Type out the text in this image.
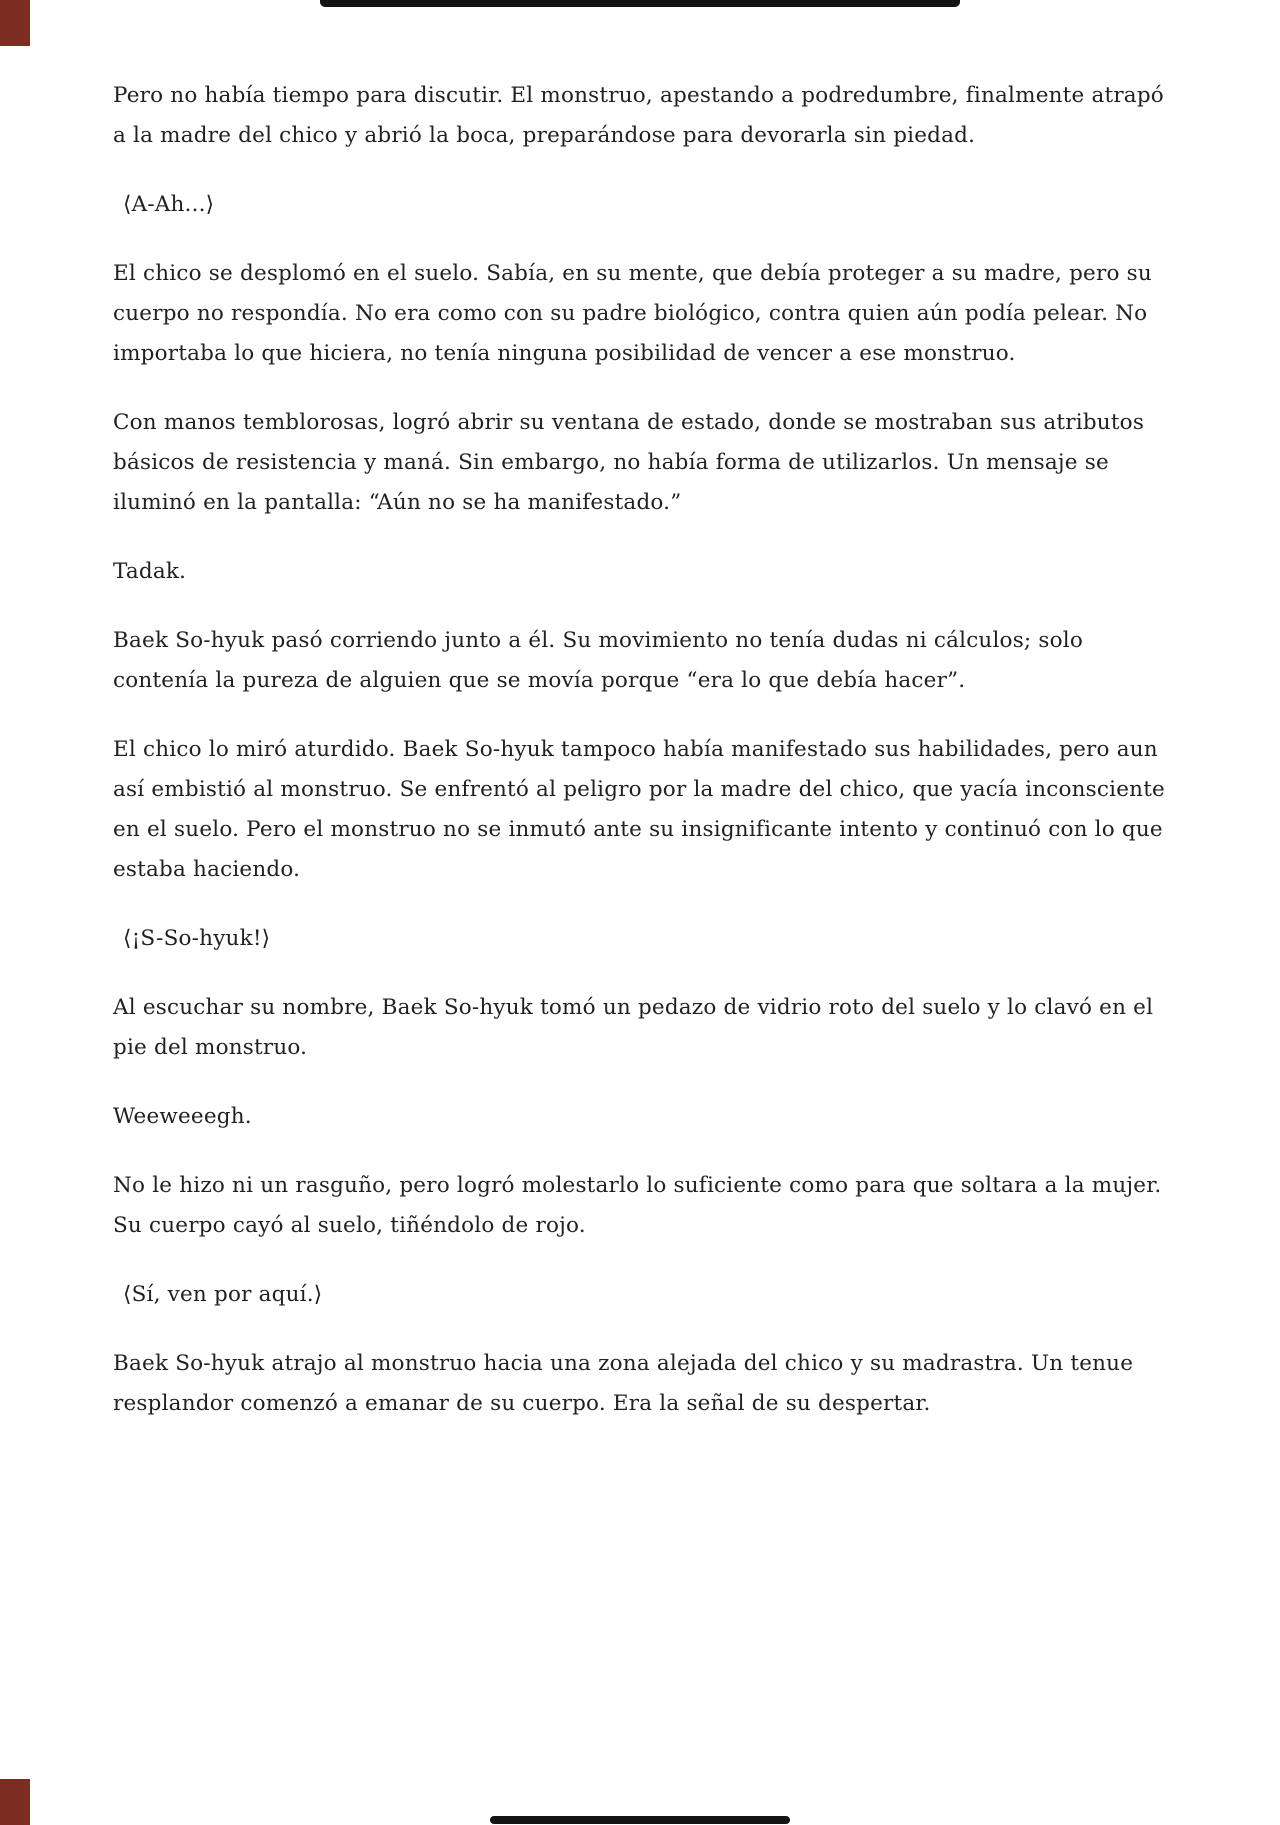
Pero no había tiempo para discutir. El monstruo, apestando a podredumbre, finalmente atrapó a la madre del chico y abrió la boca, preparándose para devorarla sin piedad.

⟨A-Ah...⟩

El chico se desplomó en el suelo. Sabía, en su mente, que debía proteger a su madre, pero su cuerpo no respondía. No era como con su padre biológico, contra quien aún podía pelear. No importaba lo que hiciera, no tenía ninguna posibilidad de vencer a ese monstruo.

Con manos temblorosas, logró abrir su ventana de estado, donde se mostraban sus atributos básicos de resistencia y maná. Sin embargo, no había forma de utilizarlos. Un mensaje se iluminó en la pantalla: “Aún no se ha manifestado.”

Tadak.

Baek So-hyuk pasó corriendo junto a él. Su movimiento no tenía dudas ni cálculos; solo contenía la pureza de alguien que se movía porque “era lo que debía hacer”.

El chico lo miró aturdido. Baek So-hyuk tampoco había manifestado sus habilidades, pero aun así embistió al monstruo. Se enfrentó al peligro por la madre del chico, que yacía inconsciente en el suelo. Pero el monstruo no se inmutó ante su insignificante intento y continuó con lo que estaba haciendo.

⟨¡S-So-hyuk!⟩

Al escuchar su nombre, Baek So-hyuk tomó un pedazo de vidrio roto del suelo y lo clavó en el pie del monstruo.

Weeweeegh.

No le hizo ni un rasguño, pero logró molestarlo lo suficiente como para que soltara a la mujer. Su cuerpo cayó al suelo, tiñéndolo de rojo.

⟨Sí, ven por aquí.⟩

Baek So-hyuk atrajo al monstruo hacia una zona alejada del chico y su madrastra. Un tenue resplandor comenzó a emanar de su cuerpo. Era la señal de su despertar.
